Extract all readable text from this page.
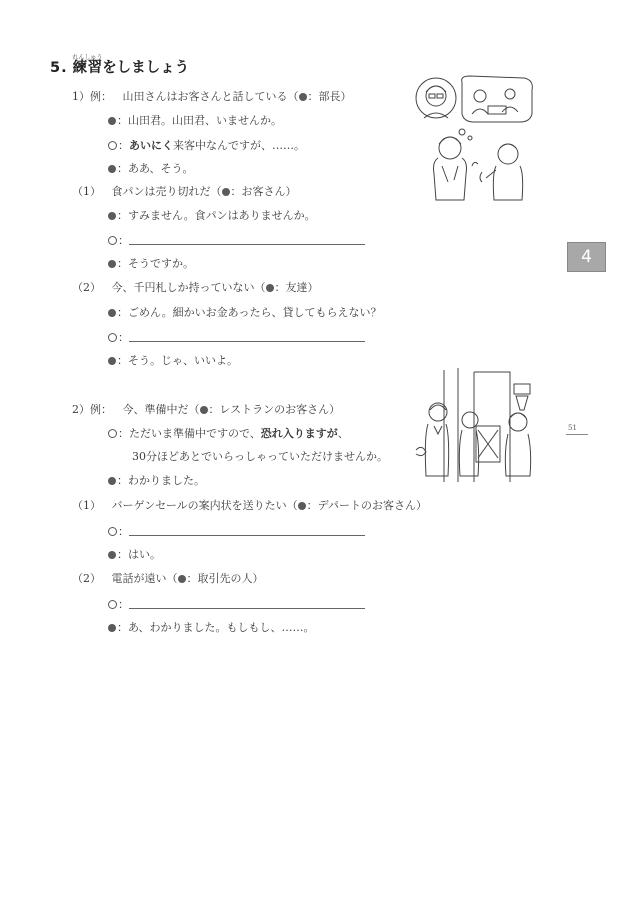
5. 練習れんしゅうをしましょう
1）例： 山田さんはお客さんと話している（ ：部長）
：山田君。山田君、いませんか。
：あいにく来客中なんですが、……。
：ああ、そう。
（1） 食パンは売り切れだ（ ：お客さん）
：すみません。食パンはありませんか。
：
：そうですか。
（2） 今、千円札しか持っていない（ ：友達）
：ごめん。細かいお金あったら、貸してもらえない？
：
：そう。じゃ、いいよ。
2）例： 今、準備中だ（ ：レストランのお客さん）
：ただいま準備中ですので、恐れ入りますが、
30分ほどあとでいらっしゃっていただけませんか。
：わかりました。
（1） バーゲンセールの案内状を送りたい（ ：デパートのお客さん）
：
：はい。
（2） 電話が遠い（ ：取引先の人）
：
：あ、わかりました。もしもし、……。
4
51
